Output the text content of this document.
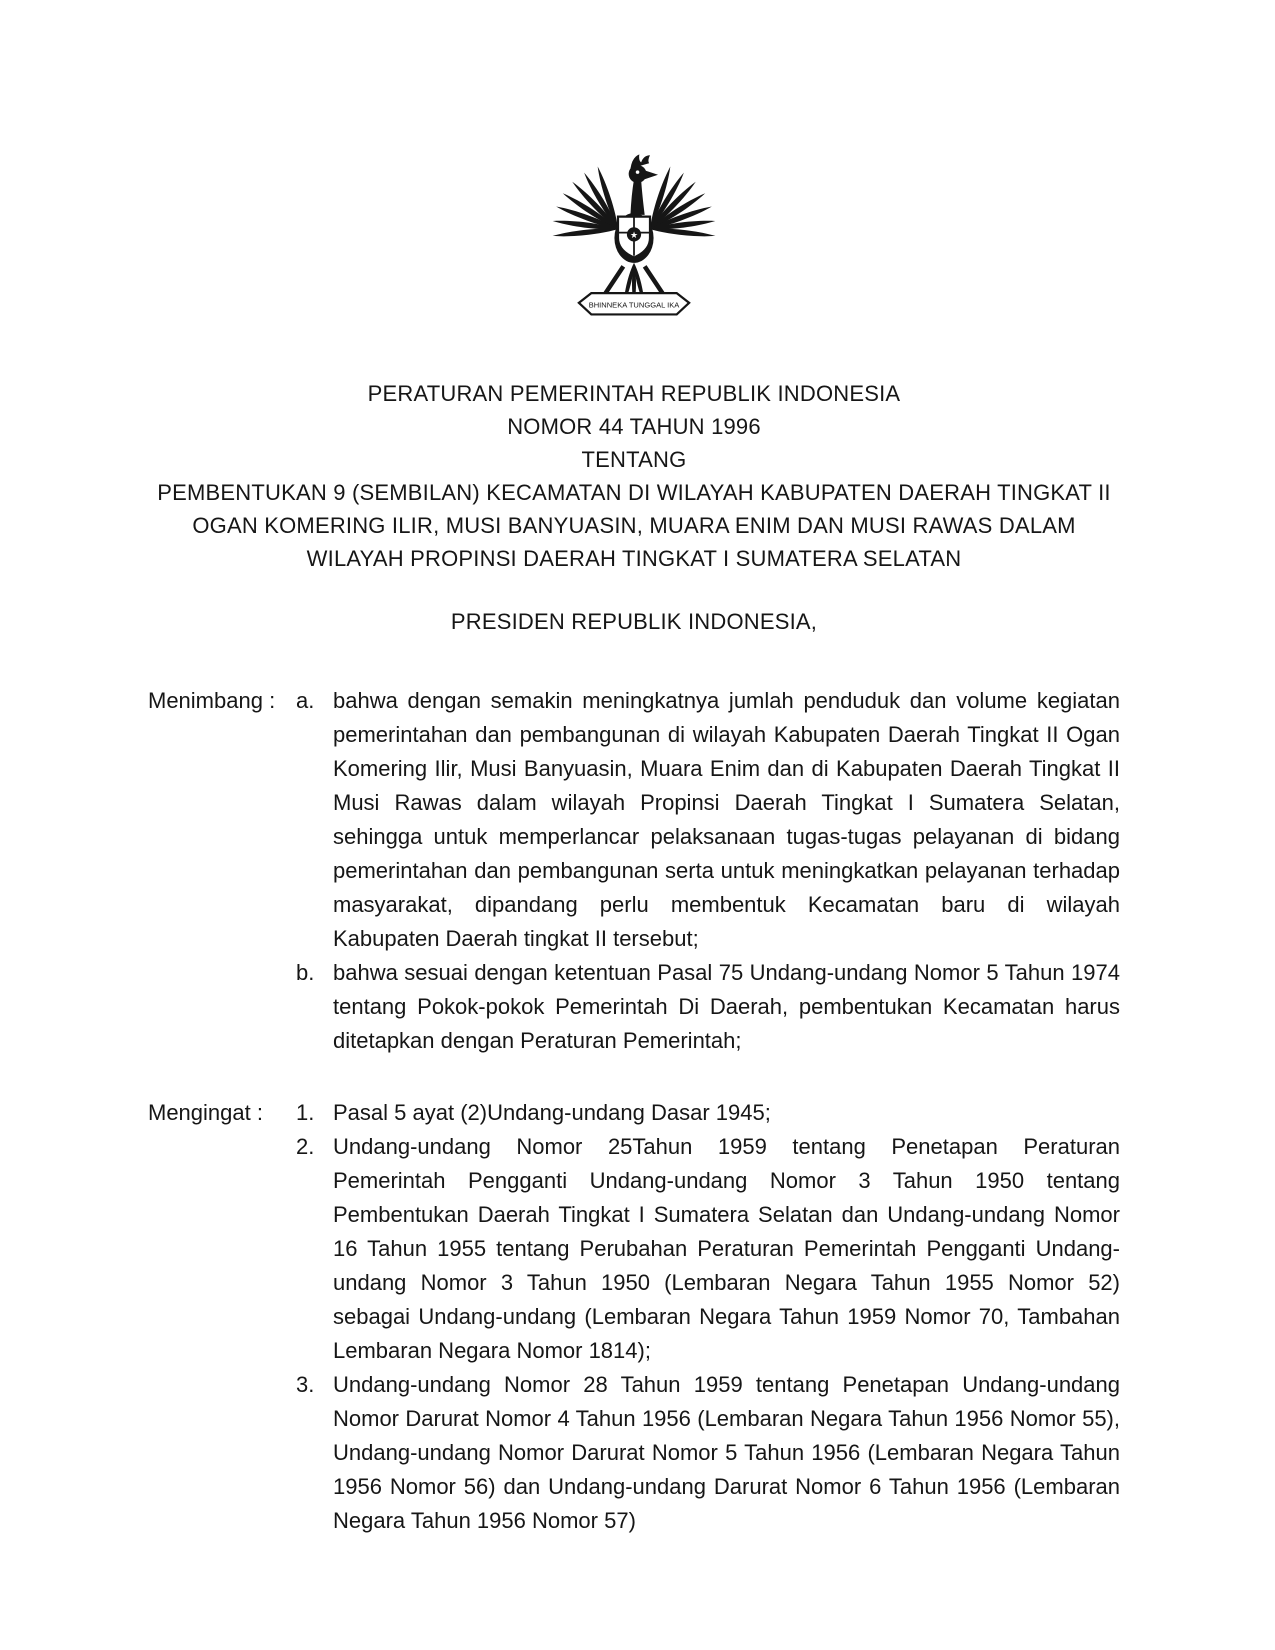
★
BHINNEKA TUNGGAL IKA
PERATURAN PEMERINTAH REPUBLIK INDONESIA
NOMOR 44 TAHUN 1996
TENTANG
PEMBENTUKAN 9 (SEMBILAN) KECAMATAN DI WILAYAH KABUPATEN DAERAH TINGKAT II
OGAN KOMERING ILIR, MUSI BANYUASIN, MUARA ENIM DAN MUSI RAWAS DALAM
WILAYAH PROPINSI DAERAH TINGKAT I SUMATERA SELATAN
PRESIDEN REPUBLIK INDONESIA,
Menimbang : a. bahwa dengan semakin meningkatnya jumlah penduduk dan volume kegiatan pemerintahan dan pembangunan di wilayah Kabupaten Daerah Tingkat II Ogan Komering Ilir, Musi Banyuasin, Muara Enim dan di Kabupaten Daerah Tingkat II Musi Rawas dalam wilayah Propinsi Daerah Tingkat I Sumatera Selatan, sehingga untuk memperlancar pelaksanaan tugas-tugas pelayanan di bidang pemerintahan dan pembangunan serta untuk meningkatkan pelayanan terhadap masyarakat, dipandang perlu membentuk Kecamatan baru di wilayah Kabupaten Daerah tingkat II tersebut;
b. bahwa sesuai dengan ketentuan Pasal 75 Undang-undang Nomor 5 Tahun 1974 tentang Pokok-pokok Pemerintah Di Daerah, pembentukan Kecamatan harus ditetapkan dengan Peraturan Pemerintah;
Mengingat :	1. Pasal 5 ayat (2)Undang-undang Dasar 1945;
2. Undang-undang Nomor 25Tahun 1959 tentang Penetapan Peraturan Pemerintah Pengganti Undang-undang Nomor 3 Tahun 1950 tentang Pembentukan Daerah Tingkat I Sumatera Selatan dan Undang-undang Nomor 16 Tahun 1955 tentang Perubahan Peraturan Pemerintah Pengganti Undang-undang Nomor 3 Tahun 1950 (Lembaran Negara Tahun 1955 Nomor 52) sebagai Undang-undang (Lembaran Negara Tahun 1959 Nomor 70, Tambahan Lembaran Negara Nomor 1814);
3. Undang-undang Nomor 28 Tahun 1959 tentang Penetapan Undang-undang Nomor Darurat Nomor 4 Tahun 1956 (Lembaran Negara Tahun 1956 Nomor 55), Undang-undang Nomor Darurat Nomor 5 Tahun 1956 (Lembaran Negara Tahun 1956 Nomor 56) dan Undang-undang Darurat Nomor 6 Tahun 1956 (Lembaran Negara Tahun 1956 Nomor 57)
